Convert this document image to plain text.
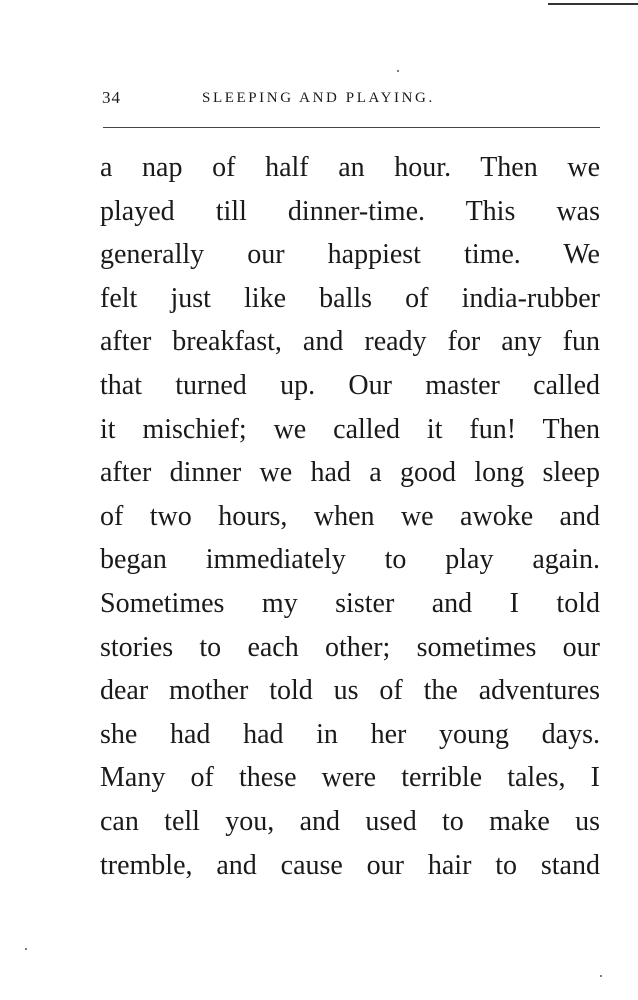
34	SLEEPING AND PLAYING.
a nap of half an hour. Then we
played till dinner-time. This was
generally our happiest time. We
felt just like balls of india-rubber
after breakfast, and ready for any fun
that turned up. Our master called
it mischief; we called it fun! Then
after dinner we had a good long sleep
of two hours, when we awoke and
began immediately to play again.
Sometimes my sister and I told
stories to each other; sometimes our
dear mother told us of the adventures
she had had in her young days.
Many of these were terrible tales, I
can tell you, and used to make us
tremble, and cause our hair to stand
